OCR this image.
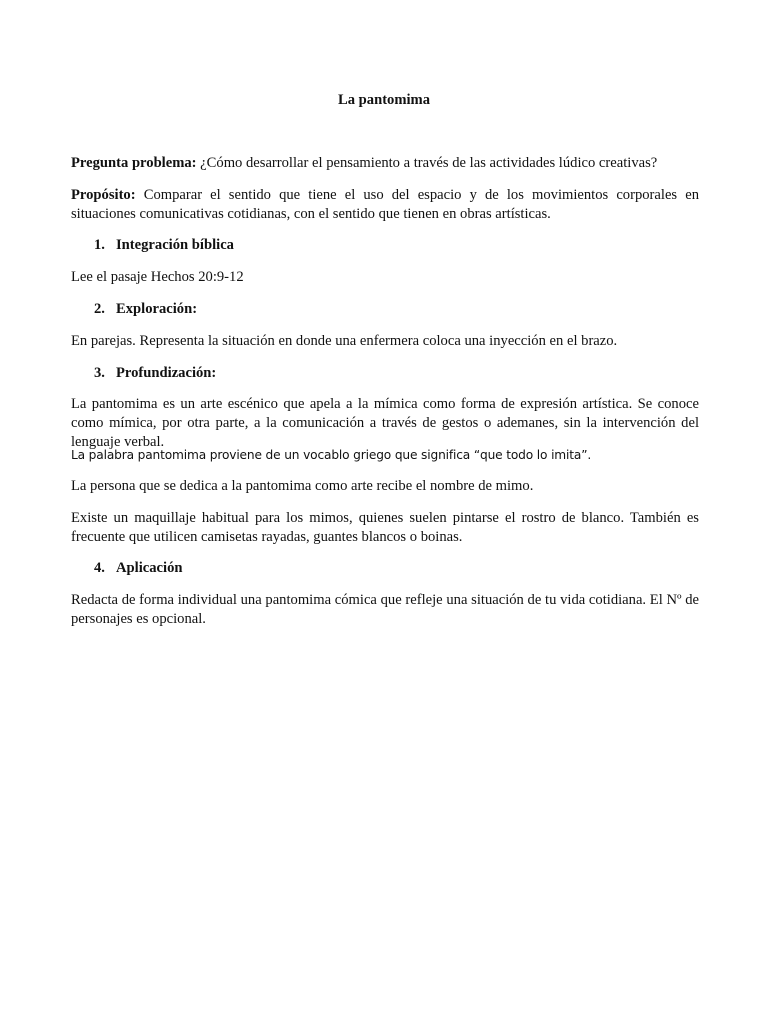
La pantomima

Pregunta problema: ¿Cómo desarrollar el pensamiento a través de las actividades lúdico creativas?

Propósito: Comparar el sentido que tiene el uso del espacio y de los movimientos corporales en situaciones comunicativas cotidianas, con el sentido que tienen en obras artísticas.

1. Integración bíblica

Lee el pasaje Hechos 20:9-12

2. Exploración:

En parejas. Representa la situación en donde una enfermera coloca una inyección en el brazo.

3. Profundización:

La pantomima es un arte escénico que apela a la mímica como forma de expresión artística. Se conoce como mímica, por otra parte, a la comunicación a través de gestos o ademanes, sin la intervención del lenguaje verbal.

La palabra pantomima proviene de un vocablo griego que significa “que todo lo imita”.

La persona que se dedica a la pantomima como arte recibe el nombre de mimo.

Existe un maquillaje habitual para los mimos, quienes suelen pintarse el rostro de blanco. También es frecuente que utilicen camisetas rayadas, guantes blancos o boinas.

4. Aplicación

Redacta de forma individual una pantomima cómica que refleje una situación de tu vida cotidiana. El Nº de personajes es opcional.
